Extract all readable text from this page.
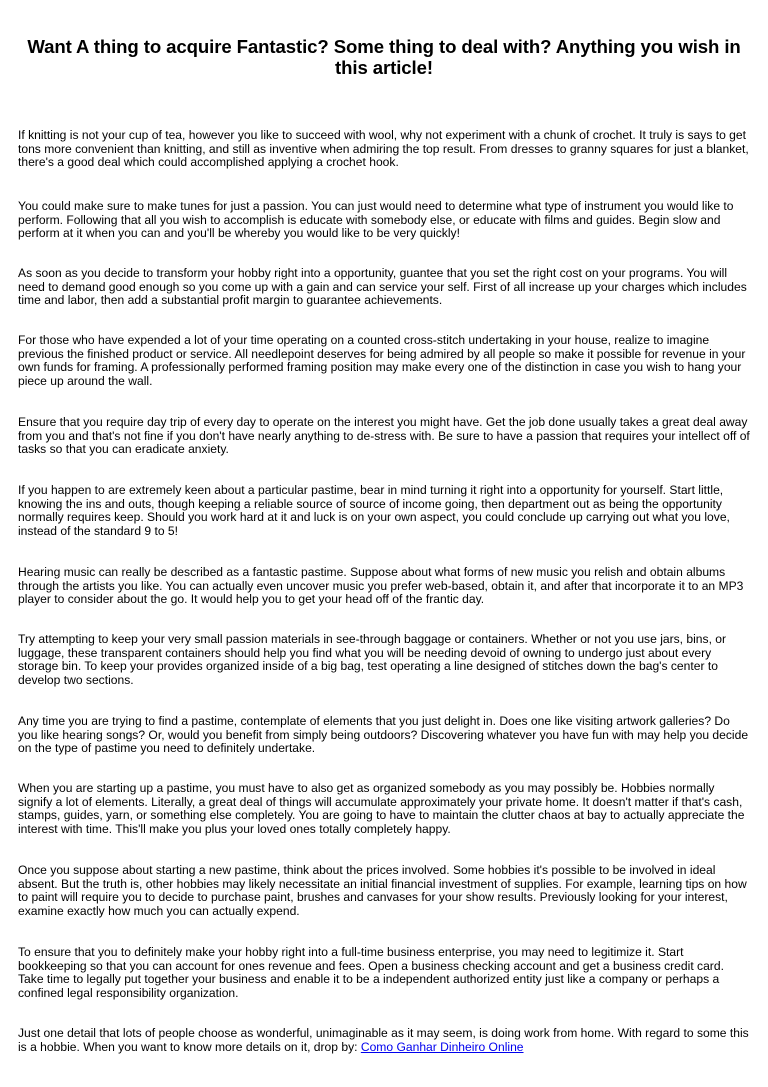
Want A thing to acquire Fantastic? Some thing to deal with? Anything you wish in this article!

If knitting is not your cup of tea, however you like to succeed with wool, why not experiment with a chunk of crochet. It truly is says to get tons more convenient than knitting, and still as inventive when admiring the top result. From dresses to granny squares for just a blanket, there's a good deal which could accomplished applying a crochet hook.

You could make sure to make tunes for just a passion. You can just would need to determine what type of instrument you would like to perform. Following that all you wish to accomplish is educate with somebody else, or educate with films and guides. Begin slow and perform at it when you can and you'll be whereby you would like to be very quickly!

As soon as you decide to transform your hobby right into a opportunity, guantee that you set the right cost on your programs. You will need to demand good enough so you come up with a gain and can service your self. First of all increase up your charges which includes time and labor, then add a substantial profit margin to guarantee achievements.

For those who have expended a lot of your time operating on a counted cross-stitch undertaking in your house, realize to imagine previous the finished product or service. All needlepoint deserves for being admired by all people so make it possible for revenue in your own funds for framing. A professionally performed framing position may make every one of the distinction in case you wish to hang your piece up around the wall.

Ensure that you require day trip of every day to operate on the interest you might have. Get the job done usually takes a great deal away from you and that's not fine if you don't have nearly anything to de-stress with. Be sure to have a passion that requires your intellect off of tasks so that you can eradicate anxiety.

If you happen to are extremely keen about a particular pastime, bear in mind turning it right into a opportunity for yourself. Start little, knowing the ins and outs, though keeping a reliable source of source of income going, then department out as being the opportunity normally requires keep. Should you work hard at it and luck is on your own aspect, you could conclude up carrying out what you love, instead of the standard 9 to 5!

Hearing music can really be described as a fantastic pastime. Suppose about what forms of new music you relish and obtain albums through the artists you like. You can actually even uncover music you prefer web-based, obtain it, and after that incorporate it to an MP3 player to consider about the go. It would help you to get your head off of the frantic day.

Try attempting to keep your very small passion materials in see-through baggage or containers. Whether or not you use jars, bins, or luggage, these transparent containers should help you find what you will be needing devoid of owning to undergo just about every storage bin. To keep your provides organized inside of a big bag, test operating a line designed of stitches down the bag's center to develop two sections.

Any time you are trying to find a pastime, contemplate of elements that you just delight in. Does one like visiting artwork galleries? Do you like hearing songs? Or, would you benefit from simply being outdoors? Discovering whatever you have fun with may help you decide on the type of pastime you need to definitely undertake.

When you are starting up a pastime, you must have to also get as organized somebody as you may possibly be. Hobbies normally signify a lot of elements. Literally, a great deal of things will accumulate approximately your private home. It doesn't matter if that's cash, stamps, guides, yarn, or something else completely. You are going to have to maintain the clutter chaos at bay to actually appreciate the interest with time. This'll make you plus your loved ones totally completely happy.

Once you suppose about starting a new pastime, think about the prices involved. Some hobbies it's possible to be involved in ideal absent. But the truth is, other hobbies may likely necessitate an initial financial investment of supplies. For example, learning tips on how to paint will require you to decide to purchase paint, brushes and canvases for your show results. Previously looking for your interest, examine exactly how much you can actually expend.

To ensure that you to definitely make your hobby right into a full-time business enterprise, you may need to legitimize it. Start bookkeeping so that you can account for ones revenue and fees. Open a business checking account and get a business credit card. Take time to legally put together your business and enable it to be a independent authorized entity just like a company or perhaps a confined legal responsibility organization.

Just one detail that lots of people choose as wonderful, unimaginable as it may seem, is doing work from home. With regard to some this is a hobbie. When you want to know more details on it, drop by: Como Ganhar Dinheiro Online
